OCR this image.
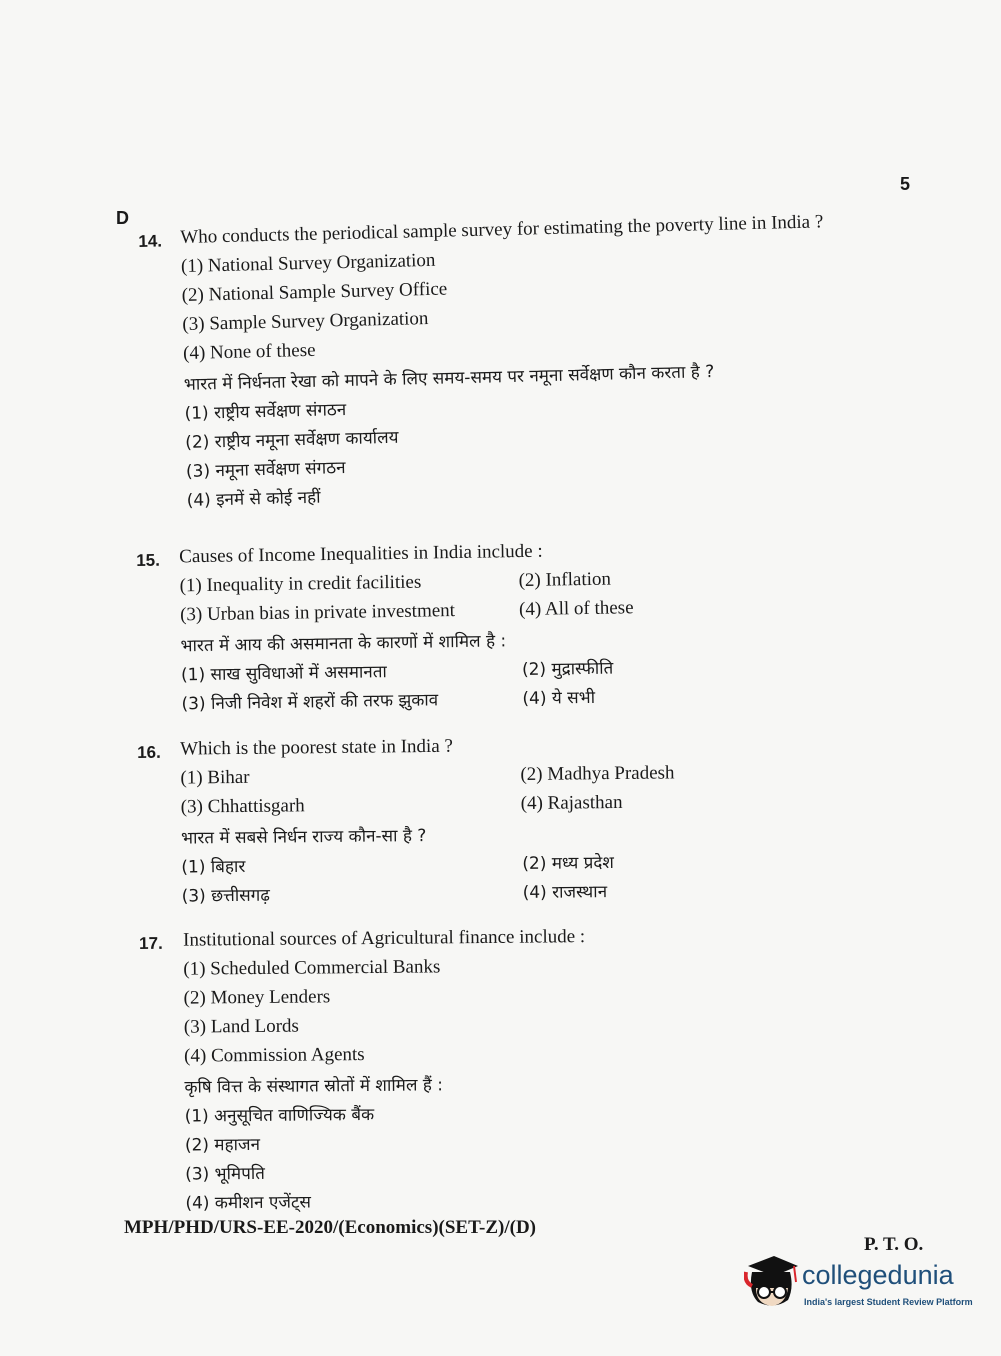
5
D
14. Who conducts the periodical sample survey for estimating the poverty line in India ?
(1) National Survey Organization
(2) National Sample Survey Office
(3) Sample Survey Organization
(4) None of these
भारत में निर्धनता रेखा को मापने के लिए समय-समय पर नमूना सर्वेक्षण कौन करता है ?
(1) राष्ट्रीय सर्वेक्षण संगठन
(2) राष्ट्रीय नमूना सर्वेक्षण कार्यालय
(3) नमूना सर्वेक्षण संगठन
(4) इनमें से कोई नहीं
15. Causes of Income Inequalities in India include :
(1) Inequality in credit facilities	(2) Inflation
(3) Urban bias in private investment	(4) All of these
भारत में आय की असमानता के कारणों में शामिल है :
(1) साख सुविधाओं में असमानता	(2) मुद्रास्फीति
(3) निजी निवेश में शहरों की तरफ झुकाव	(4) ये सभी
16. Which is the poorest state in India ?
(1) Bihar	(2) Madhya Pradesh
(3) Chhattisgarh	(4) Rajasthan
भारत में सबसे निर्धन राज्य कौन-सा है ?
(1) बिहार	(2) मध्य प्रदेश
(3) छत्तीसगढ़	(4) राजस्थान
17. Institutional sources of Agricultural finance include :
(1) Scheduled Commercial Banks
(2) Money Lenders
(3) Land Lords
(4) Commission Agents
कृषि वित्त के संस्थागत स्रोतों में शामिल हैं :
(1) अनुसूचित वाणिज्यिक बैंक
(2) महाजन
(3) भूमिपति
(4) कमीशन एजेंट्स
MPH/PHD/URS-EE-2020/(Economics)(SET-Z)/(D)
P. T. O.
collegedunia
India's largest Student Review Platform
